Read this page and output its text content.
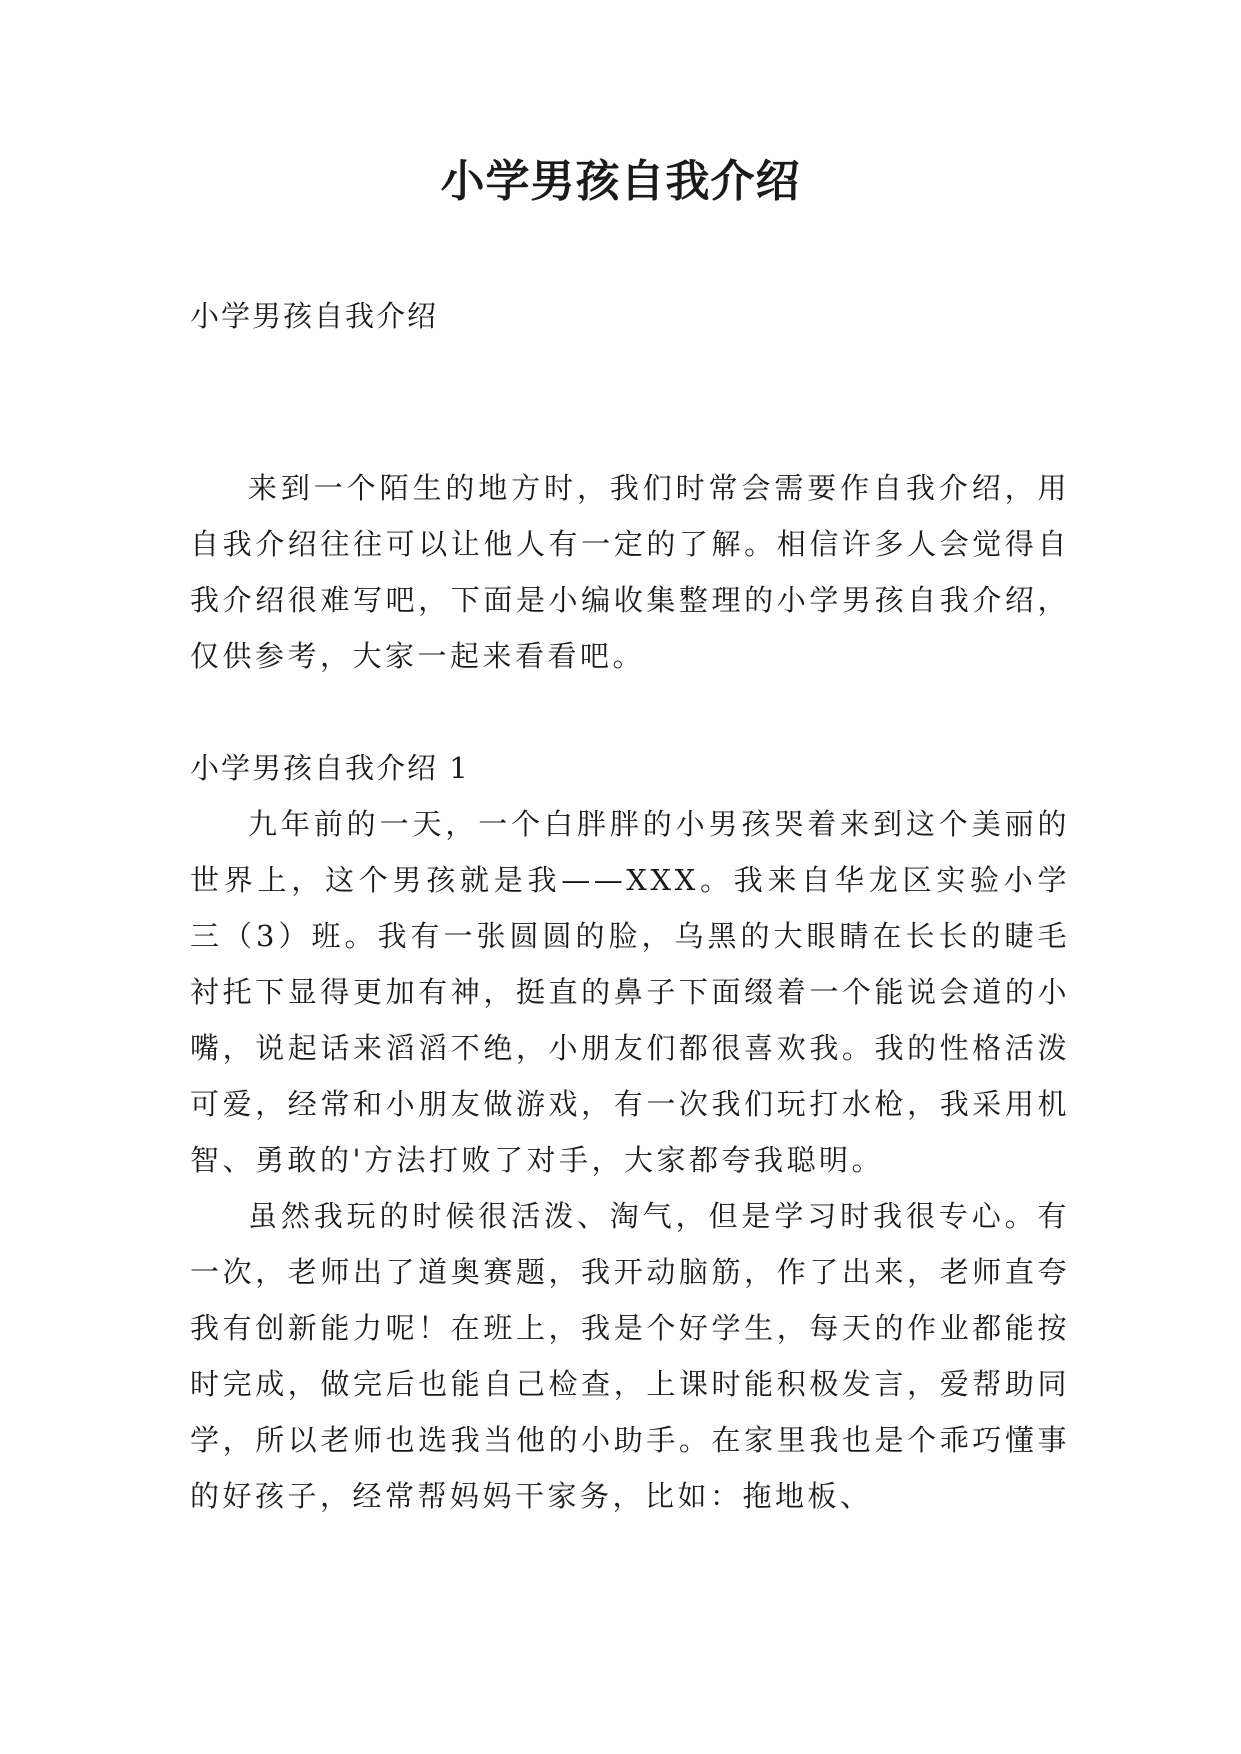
小学男孩自我介绍

小学男孩自我介绍

来到一个陌生的地方时，我们时常会需要作自我介绍，用自我介绍往往可以让他人有一定的了解。相信许多人会觉得自我介绍很难写吧，下面是小编收集整理的小学男孩自我介绍，仅供参考，大家一起来看看吧。

小学男孩自我介绍 1

九年前的一天，一个白胖胖的小男孩哭着来到这个美丽的世界上，这个男孩就是我——XXX。我来自华龙区实验小学三（3）班。我有一张圆圆的脸，乌黑的大眼睛在长长的睫毛衬托下显得更加有神，挺直的鼻子下面缀着一个能说会道的小嘴，说起话来滔滔不绝，小朋友们都很喜欢我。我的性格活泼可爱，经常和小朋友做游戏，有一次我们玩打水枪，我采用机智、勇敢的'方法打败了对手，大家都夸我聪明。

虽然我玩的时候很活泼、淘气，但是学习时我很专心。有一次，老师出了道奥赛题，我开动脑筋，作了出来，老师直夸我有创新能力呢！在班上，我是个好学生，每天的作业都能按时完成，做完后也能自己检查，上课时能积极发言，爱帮助同学，所以老师也选我当他的小助手。在家里我也是个乖巧懂事的好孩子，经常帮妈妈干家务，比如：拖地板、
